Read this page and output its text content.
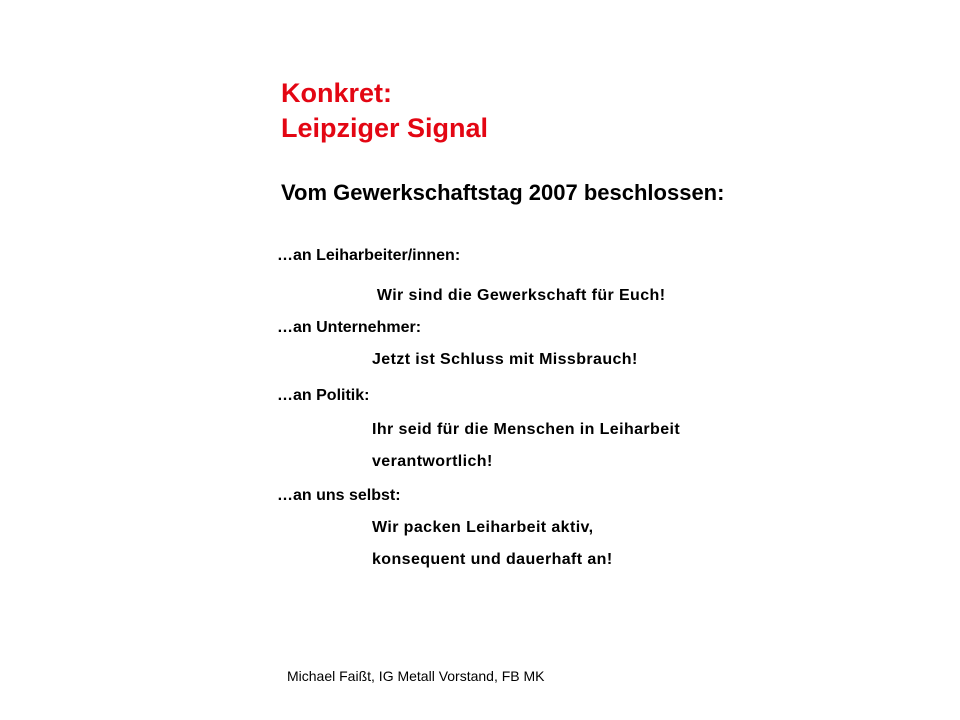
Konkret:
Leipziger Signal
Vom Gewerkschaftstag 2007 beschlossen:
…an Leiharbeiter/innen:
Wir sind die Gewerkschaft für Euch!
…an Unternehmer:
Jetzt ist Schluss mit Missbrauch!
…an Politik:
Ihr seid für die Menschen in Leiharbeit
verantwortlich!
…an uns selbst:
Wir packen Leiharbeit aktiv,
konsequent und dauerhaft an!
Michael Faißt, IG Metall Vorstand, FB MK
